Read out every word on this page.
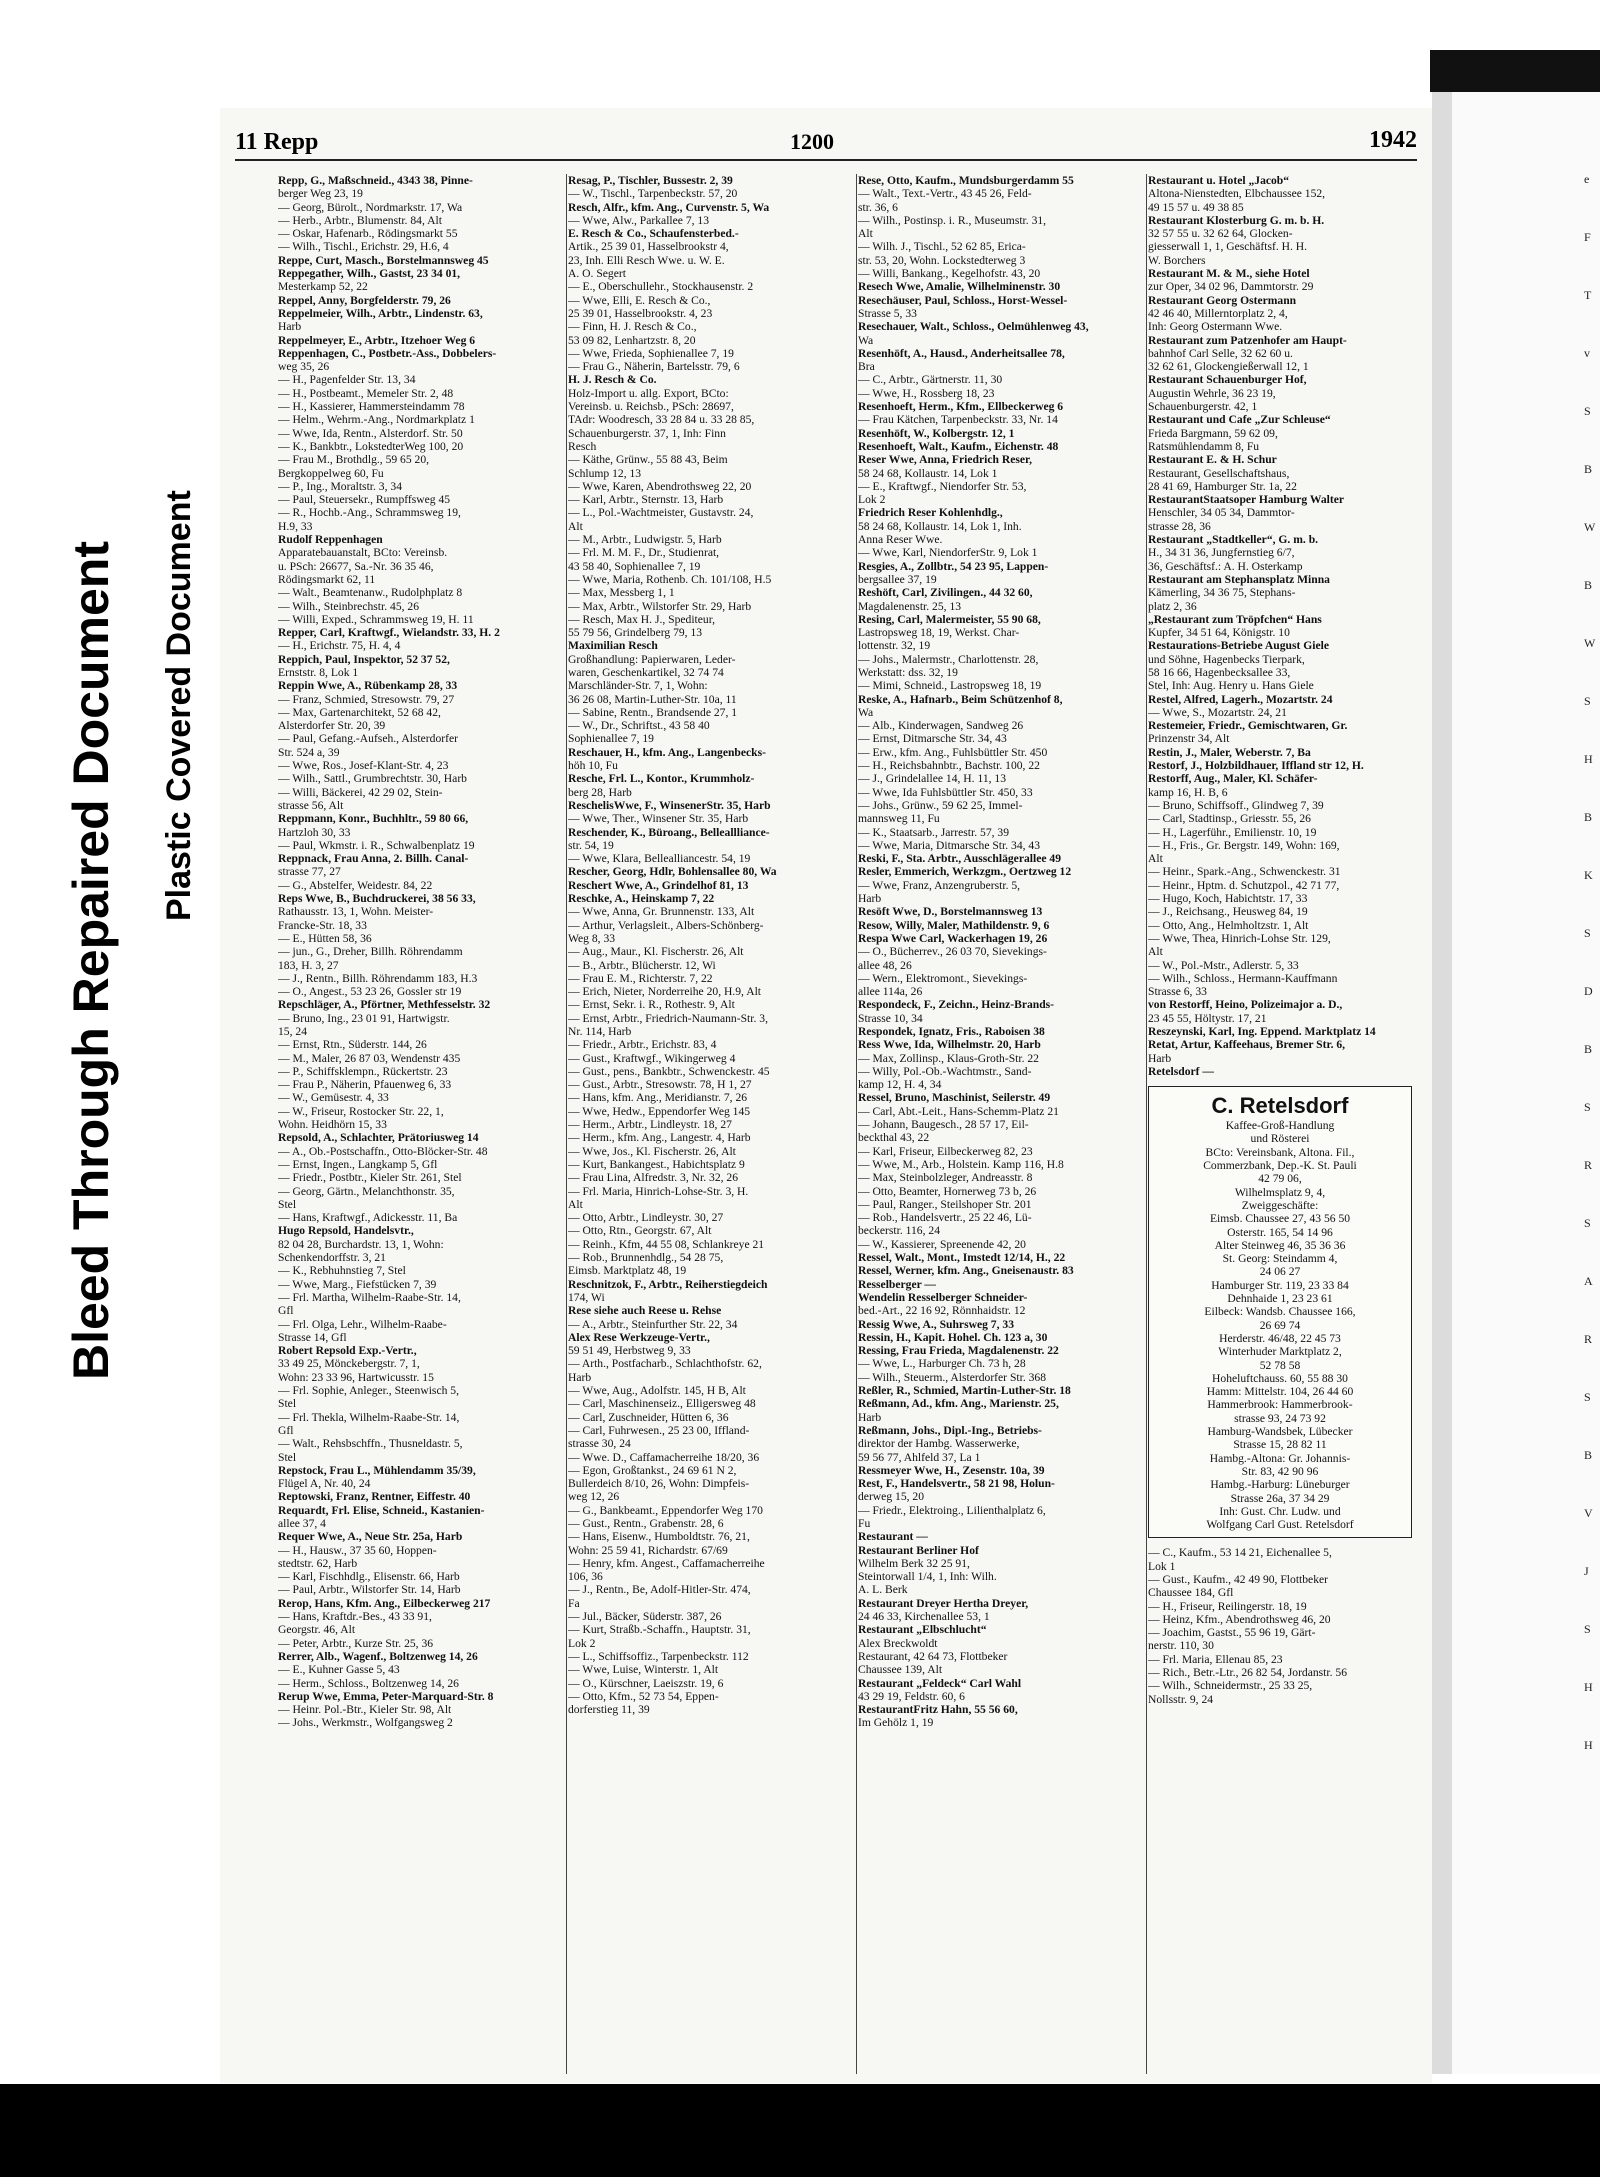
Bleed Through Repaired Document Plastic Covered Document
e
F
T
v
S
B
W
B
W
S
H
B
K
S
D
B
S
R
S
A
R
S
B
V
J
S
H
H
11 Repp	1200	1942
Repp, G., Maßschneid., 4343 38, Pinne-
berger Weg 23, 19
— Georg, Bürolt., Nordmarkstr. 17, Wa
— Herb., Arbtr., Blumenstr. 84, Alt
— Oskar, Hafenarb., Rödingsmarkt 55
— Wilh., Tischl., Erichstr. 29, H.6, 4
Reppe, Curt, Masch., Borstelmannsweg 45
Reppegather, Wilh., Gastst, 23 34 01,
Mesterkamp 52, 22
Reppel, Anny, Borgfelderstr. 79, 26
Reppelmeier, Wilh., Arbtr., Lindenstr. 63,
Harb
Reppelmeyer, E., Arbtr., Itzehoer Weg 6
Reppenhagen, C., Postbetr.-Ass., Dobbelers-
weg 35, 26
— H., Pagenfelder Str. 13, 34
— H., Postbeamt., Memeler Str. 2, 48
— H., Kassierer, Hammersteindamm 78
— Helm., Wehrm.-Ang., Nordmarkplatz 1
— Wwe, Ida, Rentn., Alsterdorf. Str. 50
— K., Bankbtr., LokstedterWeg 100, 20
— Frau M., Brothdlg., 59 65 20,
Bergkoppelweg 60, Fu
— P., Ing., Moraltstr. 3, 34
— Paul, Steuersekr., Rumpffsweg 45
— R., Hochb.-Ang., Schrammsweg 19,
H.9, 33
Rudolf Reppenhagen
Apparatebauanstalt, BCto: Vereinsb.
u. PSch: 26677, Sa.-Nr. 36 35 46,
Rödingsmarkt 62, 11
— Walt., Beamtenanw., Rudolphplatz 8
— Wilh., Steinbrechstr. 45, 26
— Willi, Exped., Schrammsweg 19, H. 11
Repper, Carl, Kraftwgf., Wielandstr. 33, H. 2
— H., Erichstr. 75, H. 4, 4
Reppich, Paul, Inspektor, 52 37 52,
Ernststr. 8, Lok 1
Reppin Wwe, A., Rübenkamp 28, 33
— Franz, Schmied, Stresowstr. 79, 27
— Max, Gartenarchitekt, 52 68 42,
Alsterdorfer Str. 20, 39
— Paul, Gefang.-Aufseh., Alsterdorfer
Str. 524 a, 39
— Wwe, Ros., Josef-Klant-Str. 4, 23
— Wilh., Sattl., Grumbrechtstr. 30, Harb
— Willi, Bäckerei, 42 29 02, Stein-
strasse 56, Alt
Reppmann, Konr., Buchhltr., 59 80 66,
Hartzloh 30, 33
— Paul, Wkmstr. i. R., Schwalbenplatz 19
Reppnack, Frau Anna, 2. Billh. Canal-
strasse 77, 27
— G., Abstelfer, Weidestr. 84, 22
Reps Wwe, B., Buchdruckerei, 38 56 33,
Rathausstr. 13, 1, Wohn. Meister-
Francke-Str. 18, 33
— E., Hütten 58, 36
— jun., G., Dreher, Billh. Röhrendamm
183, H. 3, 27
— J., Rentn., Billh. Röhrendamm 183, H.3
— O., Angest., 53 23 26, Gossler str 19
Repschläger, A., Pförtner, Methfesselstr. 32
— Bruno, Ing., 23 01 91, Hartwigstr.
15, 24
— Ernst, Rtn., Süderstr. 144, 26
— M., Maler, 26 87 03, Wendenstr 435
— P., Schiffsklempn., Rückertstr. 23
— Frau P., Näherin, Pfauenweg 6, 33
— W., Gemüsestr. 4, 33
— W., Friseur, Rostocker Str. 22, 1,
Wohn. Heidhörn 15, 33
Repsold, A., Schlachter, Prätoriusweg 14
— A., Ob.-Postschaffn., Otto-Blöcker-Str. 48
— Ernst, Ingen., Langkamp 5, Gfl
— Friedr., Postbtr., Kieler Str. 261, Stel
— Georg, Gärtn., Melanchthonstr. 35,
Stel
— Hans, Kraftwgf., Adickesstr. 11, Ba
Hugo Repsold, Handelsvtr.,
82 04 28, Burchardstr. 13, 1, Wohn:
Schenkendorffstr. 3, 21
— K., Rebhuhnstieg 7, Stel
— Wwe, Marg., Fiefstücken 7, 39
— Frl. Martha, Wilhelm-Raabe-Str. 14,
Gfl
— Frl. Olga, Lehr., Wilhelm-Raabe-
Strasse 14, Gfl
Robert Repsold Exp.-Vertr.,
33 49 25, Mönckebergstr. 7, 1,
Wohn: 23 33 96, Hartwicusstr. 15
— Frl. Sophie, Anleger., Steenwisch 5,
Stel
— Frl. Thekla, Wilhelm-Raabe-Str. 14,
Gfl
— Walt., Rehsbschffn., Thusneldastr. 5,
Stel
Repstock, Frau L., Mühlendamm 35/39,
Flügel A, Nr. 40, 24
Reptowski, Franz, Rentner, Eiffestr. 40
Requardt, Frl. Elise, Schneid., Kastanien-
allee 37, 4
Requer Wwe, A., Neue Str. 25a, Harb
— H., Hausw., 37 35 60, Hoppen-
stedtstr. 62, Harb
— Karl, Fischhdlg., Elisenstr. 66, Harb
— Paul, Arbtr., Wilstorfer Str. 14, Harb
Rerop, Hans, Kfm. Ang., Eilbeckerweg 217
— Hans, Kraftdr.-Bes., 43 33 91,
Georgstr. 46, Alt
— Peter, Arbtr., Kurze Str. 25, 36
Rerrer, Alb., Wagenf., Boltzenweg 14, 26
— E., Kuhner Gasse 5, 43
— Herm., Schloss., Boltzenweg 14, 26
Rerup Wwe, Emma, Peter-Marquard-Str. 8
— Heinr. Pol.-Btr., Kieler Str. 98, Alt
— Johs., Werkmstr., Wolfgangsweg 2
Resag, P., Tischler, Bussestr. 2, 39
— W., Tischl., Tarpenbeckstr. 57, 20
Resch, Alfr., kfm. Ang., Curvenstr. 5, Wa
— Wwe, Alw., Parkallee 7, 13
E. Resch & Co., Schaufensterbed.-
Artik., 25 39 01, Hasselbrookstr 4,
23, Inh. Elli Resch Wwe. u. W. E.
A. O. Segert
— E., Oberschullehr., Stockhausenstr. 2
— Wwe, Elli, E. Resch & Co.,
25 39 01, Hasselbrookstr. 4, 23
— Finn, H. J. Resch & Co.,
53 09 82, Lenhartzstr. 8, 20
— Wwe, Frieda, Sophienallee 7, 19
— Frau G., Näherin, Bartelsstr. 79, 6
H. J. Resch & Co.
Holz-Import u. allg. Export, BCto:
Vereinsb. u. Reichsb., PSch: 28697,
TAdr: Woodresch, 33 28 84 u. 33 28 85,
Schauenburgerstr. 37, 1, Inh: Finn
Resch
— Käthe, Grünw., 55 88 43, Beim
Schlump 12, 13
— Wwe, Karen, Abendrothsweg 22, 20
— Karl, Arbtr., Sternstr. 13, Harb
— L., Pol.-Wachtmeister, Gustavstr. 24,
Alt
— M., Arbtr., Ludwigstr. 5, Harb
— Frl. M. M. F., Dr., Studienrat,
43 58 40, Sophienallee 7, 19
— Wwe, Maria, Rothenb. Ch. 101/108, H.5
— Max, Messberg 1, 1
— Max, Arbtr., Wilstorfer Str. 29, Harb
— Resch, Max H. J., Spediteur,
55 79 56, Grindelberg 79, 13
Maximilian Resch
Großhandlung: Papierwaren, Leder-
waren, Geschenkartikel, 32 74 74
Marschländer-Str. 7, 1, Wohn:
36 26 08, Martin-Luther-Str. 10a, 11
— Sabine, Rentn., Brandsende 27, 1
— W., Dr., Schriftst., 43 58 40
Sophienallee 7, 19
Reschauer, H., kfm. Ang., Langenbecks-
höh 10, Fu
Resche, Frl. L., Kontor., Krummholz-
berg 28, Harb
ReschelisWwe, F., WinsenerStr. 35, Harb
— Wwe, Ther., Winsener Str. 35, Harb
Reschender, K., Büroang., Belleallliance-
str. 54, 19
— Wwe, Klara, Bellealliancestr. 54, 19
Rescher, Georg, Hdlr, Bohlensallee 80, Wa
Reschert Wwe, A., Grindelhof 81, 13
Reschke, A., Heinskamp 7, 22
— Wwe, Anna, Gr. Brunnenstr. 133, Alt
— Arthur, Verlagsleit., Albers-Schönberg-
Weg 8, 33
— Aug., Maur., Kl. Fischerstr. 26, Alt
— B., Arbtr., Blücherstr. 12, Wi
— Frau E. M., Richterstr. 7, 22
— Erich, Nieter, Norderreihe 20, H.9, Alt
— Ernst, Sekr. i. R., Rothestr. 9, Alt
— Ernst, Arbtr., Friedrich-Naumann-Str. 3,
Nr. 114, Harb
— Friedr., Arbtr., Erichstr. 83, 4
— Gust., Kraftwgf., Wikingerweg 4
— Gust., pens., Bankbtr., Schwenckestr. 45
— Gust., Arbtr., Stresowstr. 78, H 1, 27
— Hans, kfm. Ang., Meridianstr. 7, 26
— Wwe, Hedw., Eppendorfer Weg 145
— Herm., Arbtr., Lindleystr. 18, 27
— Herm., kfm. Ang., Langestr. 4, Harb
— Wwe, Jos., Kl. Fischerstr. 26, Alt
— Kurt, Bankangest., Habichtsplatz 9
— Frau Lina, Alfredstr. 3, Nr. 32, 26
— Frl. Maria, Hinrich-Lohse-Str. 3, H.
Alt
— Otto, Arbtr., Lindleystr. 30, 27
— Otto, Rtn., Georgstr. 67, Alt
— Reinh., Kfm, 44 55 08, Schlankreye 21
— Rob., Brunnenhdlg., 54 28 75,
Eimsb. Marktplatz 48, 19
Reschnitzok, F., Arbtr., Reiherstiegdeich
174, Wi
Rese siehe auch Reese u. Rehse
— A., Arbtr., Steinfurther Str. 22, 34
Alex Rese Werkzeuge-Vertr.,
59 51 49, Herbstweg 9, 33
— Arth., Postfacharb., Schlachthofstr. 62,
Harb
— Wwe, Aug., Adolfstr. 145, H B, Alt
— Carl, Maschinenseiz., Elligersweg 48
— Carl, Zuschneider, Hütten 6, 36
— Carl, Fuhrwesen., 25 23 00, Iffland-
strasse 30, 24
— Wwe. D., Caffamacherreihe 18/20, 36
— Egon, Großtankst., 24 69 61 N 2,
Bullerdeich 8/10, 26, Wohn: Dimpfeis-
weg 12, 26
— G., Bankbeamt., Eppendorfer Weg 170
— Gust., Rentn., Grabenstr. 28, 6
— Hans, Eisenw., Humboldtstr. 76, 21,
Wohn: 25 59 41, Richardstr. 67/69
— Henry, kfm. Angest., Caffamacherreihe
106, 36
— J., Rentn., Be, Adolf-Hitler-Str. 474,
Fa
— Jul., Bäcker, Süderstr. 387, 26
— Kurt, Straßb.-Schaffn., Hauptstr. 31,
Lok 2
— L., Schiffsoffiz., Tarpenbeckstr. 112
— Wwe, Luise, Winterstr. 1, Alt
— O., Kürschner, Laeiszstr. 19, 6
— Otto, Kfm., 52 73 54, Eppen-
dorferstieg 11, 39
Rese, Otto, Kaufm., Mundsburgerdamm 55
— Walt., Text.-Vertr., 43 45 26, Feld-
str. 36, 6
— Wilh., Postinsp. i. R., Museumstr. 31,
Alt
— Wilh. J., Tischl., 52 62 85, Erica-
str. 53, 20, Wohn. Lockstedterweg 3
— Willi, Bankang., Kegelhofstr. 43, 20
Resech Wwe, Amalie, Wilhelminenstr. 30
Resechäuser, Paul, Schloss., Horst-Wessel-
Strasse 5, 33
Resechauer, Walt., Schloss., Oelmühlenweg 43,
Wa
Resenhöft, A., Hausd., Anderheitsallee 78,
Bra
— C., Arbtr., Gärtnerstr. 11, 30
— Wwe, H., Rossberg 18, 23
Resenhoeft, Herm., Kfm., Ellbeckerweg 6
— Frau Kätchen, Tarpenbeckstr. 33, Nr. 14
Resenhöft, W., Kolbergstr. 12, 1
Resenhoeft, Walt., Kaufm., Eichenstr. 48
Reser Wwe, Anna, Friedrich Reser,
58 24 68, Kollaustr. 14, Lok 1
— E., Kraftwgf., Niendorfer Str. 53,
Lok 2
Friedrich Reser Kohlenhdlg.,
58 24 68, Kollaustr. 14, Lok 1, Inh.
Anna Reser Wwe.
— Wwe, Karl, NiendorferStr. 9, Lok 1
Resgies, A., Zollbtr., 54 23 95, Lappen-
bergsallee 37, 19
Reshöft, Carl, Zivilingen., 44 32 60,
Magdalenenstr. 25, 13
Resing, Carl, Malermeister, 55 90 68,
Lastropsweg 18, 19, Werkst. Char-
lottenstr. 32, 19
— Johs., Malermstr., Charlottenstr. 28,
Werkstatt: dss. 32, 19
— Mimi, Schneid., Lastropsweg 18, 19
Reske, A., Hafnarb., Beim Schützenhof 8,
Wa
— Alb., Kinderwagen, Sandweg 26
— Ernst, Ditmarsche Str. 34, 43
— Erw., kfm. Ang., Fuhlsbüttler Str. 450
— H., Reichsbahnbtr., Bachstr. 100, 22
— J., Grindelallee 14, H. 11, 13
— Wwe, Ida Fuhlsbüttler Str. 450, 33
— Johs., Grünw., 59 62 25, Immel-
mannsweg 11, Fu
— K., Staatsarb., Jarrestr. 57, 39
— Wwe, Maria, Ditmarsche Str. 34, 43
Reski, F., Sta. Arbtr., Ausschlägerallee 49
Resler, Emmerich, Werkzgm., Oertzweg 12
— Wwe, Franz, Anzengruberstr. 5,
Harb
Resöft Wwe, D., Borstelmannsweg 13
Resow, Willy, Maler, Mathildenstr. 9, 6
Respa Wwe Carl, Wackerhagen 19, 26
— O., Bücherrev., 26 03 70, Sievekings-
allee 48, 26
— Wern., Elektromont., Sievekings-
allee 114a, 26
Respondeck, F., Zeichn., Heinz-Brands-
Strasse 10, 34
Respondek, Ignatz, Fris., Raboisen 38
Ress Wwe, Ida, Wilhelmstr. 20, Harb
— Max, Zollinsp., Klaus-Groth-Str. 22
— Willy, Pol.-Ob.-Wachtmstr., Sand-
kamp 12, H. 4, 34
Ressel, Bruno, Maschinist, Seilerstr. 49
— Carl, Abt.-Leit., Hans-Schemm-Platz 21
— Johann, Baugesch., 28 57 17, Eil-
beckthal 43, 22
— Karl, Friseur, Eilbeckerweg 82, 23
— Wwe, M., Arb., Holstein. Kamp 116, H.8
— Max, Steinbolzleger, Andreasstr. 8
— Otto, Beamter, Hornerweg 73 b, 26
— Paul, Ranger., Steilshoper Str. 201
— Rob., Handelsvertr., 25 22 46, Lü-
beckerstr. 116, 24
— W., Kassierer, Spreenende 42, 20
Ressel, Walt., Mont., Imstedt 12/14, H., 22
Ressel, Werner, kfm. Ang., Gneisenaustr. 83
Resselberger —
Wendelin Resselberger Schneider-
bed.-Art., 22 16 92, Rönnhaidstr. 12
Ressig Wwe, A., Suhrsweg 7, 33
Ressin, H., Kapit. Hohel. Ch. 123 a, 30
Ressing, Frau Frieda, Magdalenenstr. 22
— Wwe, L., Harburger Ch. 73 h, 28
— Wilh., Steuerm., Alsterdorfer Str. 368
Reßler, R., Schmied, Martin-Luther-Str. 18
Reßmann, Ad., kfm. Ang., Marienstr. 25,
Harb
Reßmann, Johs., Dipl.-Ing., Betriebs-
direktor der Hambg. Wasserwerke,
59 56 77, Ahlfeld 37, La 1
Ressmeyer Wwe, H., Zesenstr. 10a, 39
Rest, F., Handelsvertr., 58 21 98, Holun-
derweg 15, 20
— Friedr., Elektroing., Lilienthalplatz 6,
Fu
Restaurant —
Restaurant Berliner Hof
Wilhelm Berk 32 25 91,
Steintorwall 1/4, 1, Inh: Wilh.
A. L. Berk
Restaurant Dreyer Hertha Dreyer,
24 46 33, Kirchenallee 53, 1
Restaurant „Elbschlucht“
Alex Breckwoldt
Restaurant, 42 64 73, Flottbeker
Chaussee 139, Alt
Restaurant „Feldeck“ Carl Wahl
43 29 19, Feldstr. 60, 6
RestaurantFritz Hahn, 55 56 60,
Im Gehölz 1, 19
Restaurant u. Hotel „Jacob“
Altona-Nienstedten, Elbchaussee 152,
49 15 57 u. 49 38 85
Restaurant Klosterburg G. m. b. H.
32 57 55 u. 32 62 64, Glocken-
giesserwall 1, 1, Geschäftsf. H. H.
W. Borchers
Restaurant M. & M., siehe Hotel
zur Oper, 34 02 96, Dammtorstr. 29
Restaurant Georg Ostermann
42 46 40, Millerntorplatz 2, 4,
Inh: Georg Ostermann Wwe.
Restaurant zum Patzenhofer am Haupt-
bahnhof Carl Selle, 32 62 60 u.
32 62 61, Glockengießerwall 12, 1
Restaurant Schauenburger Hof,
Augustin Wehrle, 36 23 19,
Schauenburgerstr. 42, 1
Restaurant und Cafe „Zur Schleuse“
Frieda Bargmann, 59 62 09,
Ratsmühlendamm 8, Fu
Restaurant E. & H. Schur
Restaurant, Gesellschaftshaus,
28 41 69, Hamburger Str. 1a, 22
RestaurantStaatsoper Hamburg Walter
Henschler, 34 05 34, Dammtor-
strasse 28, 36
Restaurant „Stadtkeller“, G. m. b.
H., 34 31 36, Jungfernstieg 6/7,
36, Geschäftsf.: A. H. Osterkamp
Restaurant am Stephansplatz Minna
Kämerling, 34 36 75, Stephans-
platz 2, 36
„Restaurant zum Tröpfchen“ Hans
Kupfer, 34 51 64, Königstr. 10
Restaurations-Betriebe August Giele
und Söhne, Hagenbecks Tierpark,
58 16 66, Hagenbecksallee 33,
Stel, Inh: Aug. Henry u. Hans Giele
Restel, Alfred, Lagerh., Mozartstr. 24
— Wwe, S., Mozartstr. 24, 21
Restemeier, Friedr., Gemischtwaren, Gr.
Prinzenstr 34, Alt
Restin, J., Maler, Weberstr. 7, Ba
Restorf, J., Holzbildhauer, Iffland str 12, H.
Restorff, Aug., Maler, Kl. Schäfer-
kamp 16, H. B, 6
— Bruno, Schiffsoff., Glindweg 7, 39
— Carl, Stadtinsp., Griesstr. 55, 26
— H., Lagerführ., Emilienstr. 10, 19
— H., Fris., Gr. Bergstr. 149, Wohn: 169,
Alt
— Heinr., Spark.-Ang., Schwenckestr. 31
— Heinr., Hptm. d. Schutzpol., 42 71 77,
— Hugo, Koch, Habichtstr. 17, 33
— J., Reichsang., Heusweg 84, 19
— Otto, Ang., Helmholtzstr. 1, Alt
— Wwe, Thea, Hinrich-Lohse Str. 129,
Alt
— W., Pol.-Mstr., Adlerstr. 5, 33
— Wilh., Schloss., Hermann-Kauffmann
Strasse 6, 33
von Restorff, Heino, Polizeimajor a. D.,
23 45 55, Höltystr. 17, 21
Reszeynski, Karl, Ing. Eppend. Marktplatz 14
Retat, Artur, Kaffeehaus, Bremer Str. 6,
Harb
Retelsdorf —
C. Retelsdorf
Kaffee-Groß-Handlung
und Rösterei
BCto: Vereinsbank, Altona. Fil.,
Commerzbank, Dep.-K. St. Pauli
42 79 06,
Wilhelmsplatz 9, 4,
Zweiggeschäfte:
Eimsb. Chaussee 27, 43 56 50
Osterstr. 165, 54 14 96
Alter Steinweg 46, 35 36 36
St. Georg: Steindamm 4,
24 06 27
Hamburger Str. 119, 23 33 84
Dehnhaide 1, 23 23 61
Eilbeck: Wandsb. Chaussee 166,
26 69 74
Herderstr. 46/48, 22 45 73
Winterhuder Marktplatz 2,
52 78 58
Hoheluftchauss. 60, 55 88 30
Hamm: Mittelstr. 104, 26 44 60
Hammerbrook: Hammerbrook-
strasse 93, 24 73 92
Hamburg-Wandsbek, Lübecker
Strasse 15, 28 82 11
Hambg.-Altona: Gr. Johannis-
Str. 83, 42 90 96
Hambg.-Harburg: Lüneburger
Strasse 26a, 37 34 29
Inh: Gust. Chr. Ludw. und
Wolfgang Carl Gust. Retelsdorf
— C., Kaufm., 53 14 21, Eichenallee 5,
Lok 1
— Gust., Kaufm., 42 49 90, Flottbeker
Chaussee 184, Gfl
— H., Friseur, Reilingerstr. 18, 19
— Heinz, Kfm., Abendrothsweg 46, 20
— Joachim, Gastst., 55 96 19, Gärt-
nerstr. 110, 30
— Frl. Maria, Ellenau 85, 23
— Rich., Betr.-Ltr., 26 82 54, Jordanstr. 56
— Wilh., Schneidermstr., 25 33 25,
Nollsstr. 9, 24
